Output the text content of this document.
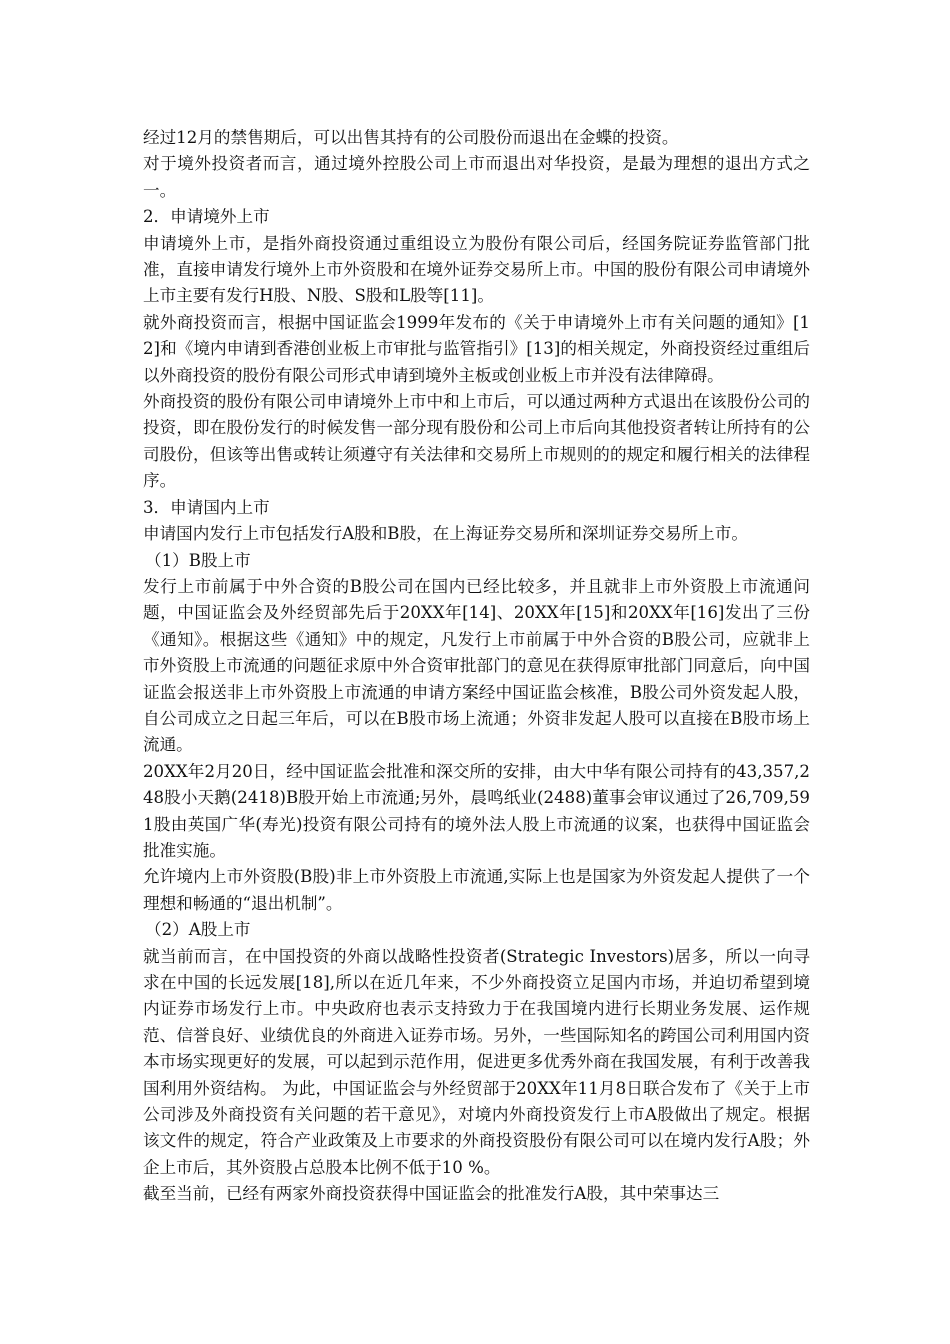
经过12月的禁售期后，可以出售其持有的公司股份而退出在金蝶的投资。

对于境外投资者而言，通过境外控股公司上市而退出对华投资，是最为理想的退出方式之一。

2．申请境外上市

申请境外上市，是指外商投资通过重组设立为股份有限公司后，经国务院证券监管部门批准，直接申请发行境外上市外资股和在境外证券交易所上市。中国的股份有限公司申请境外上市主要有发行H股、N股、S股和L股等[11]。

就外商投资而言，根据中国证监会1999年发布的《关于申请境外上市有关问题的通知》[12]和《境内申请到香港创业板上市审批与监管指引》[13]的相关规定，外商投资经过重组后以外商投资的股份有限公司形式申请到境外主板或创业板上市并没有法律障碍。

外商投资的股份有限公司申请境外上市中和上市后，可以通过两种方式退出在该股份公司的投资，即在股份发行的时候发售一部分现有股份和公司上市后向其他投资者转让所持有的公司股份，但该等出售或转让须遵守有关法律和交易所上市规则的的规定和履行相关的法律程序。

3．申请国内上市

申请国内发行上市包括发行A股和B股，在上海证券交易所和深圳证券交易所上市。

（1）B股上市

发行上市前属于中外合资的B股公司在国内已经比较多，并且就非上市外资股上市流通问题，中国证监会及外经贸部先后于20XX年[14]、20XX年[15]和20XX年[16]发出了三份《通知》。根据这些《通知》中的规定，凡发行上市前属于中外合资的B股公司，应就非上市外资股上市流通的问题征求原中外合资审批部门的意见在获得原审批部门同意后，向中国证监会报送非上市外资股上市流通的申请方案经中国证监会核准，B股公司外资发起人股，自公司成立之日起三年后，可以在B股市场上流通；外资非发起人股可以直接在B股市场上流通。

20XX年2月20日，经中国证监会批准和深交所的安排，由大中华有限公司持有的43,357,248股小天鹅(2418)B股开始上市流通;另外，晨鸣纸业(2488)董事会审议通过了26,709,591股由英国广华(寿光)投资有限公司持有的境外法人股上市流通的议案，也获得中国证监会批准实施。

允许境内上市外资股(B股)非上市外资股上市流通,实际上也是国家为外资发起人提供了一个理想和畅通的“退出机制”。

（2）A股上市

就当前而言，在中国投资的外商以战略性投资者(Strategic Investors)居多，所以一向寻求在中国的长远发展[18],所以在近几年来，不少外商投资立足国内市场，并迫切希望到境内证券市场发行上市。中央政府也表示支持致力于在我国境内进行长期业务发展、运作规范、信誉良好、业绩优良的外商进入证券市场。另外，一些国际知名的跨国公司利用国内资本市场实现更好的发展，可以起到示范作用，促进更多优秀外商在我国发展，有利于改善我国利用外资结构。 为此，中国证监会与外经贸部于20XX年11月8日联合发布了《关于上市公司涉及外商投资有关问题的若干意见》，对境内外商投资发行上市A股做出了规定。根据该文件的规定，符合产业政策及上市要求的外商投资股份有限公司可以在境内发行A股；外企上市后，其外资股占总股本比例不低于10 %。

截至当前，已经有两家外商投资获得中国证监会的批准发行A股，其中荣事达三
